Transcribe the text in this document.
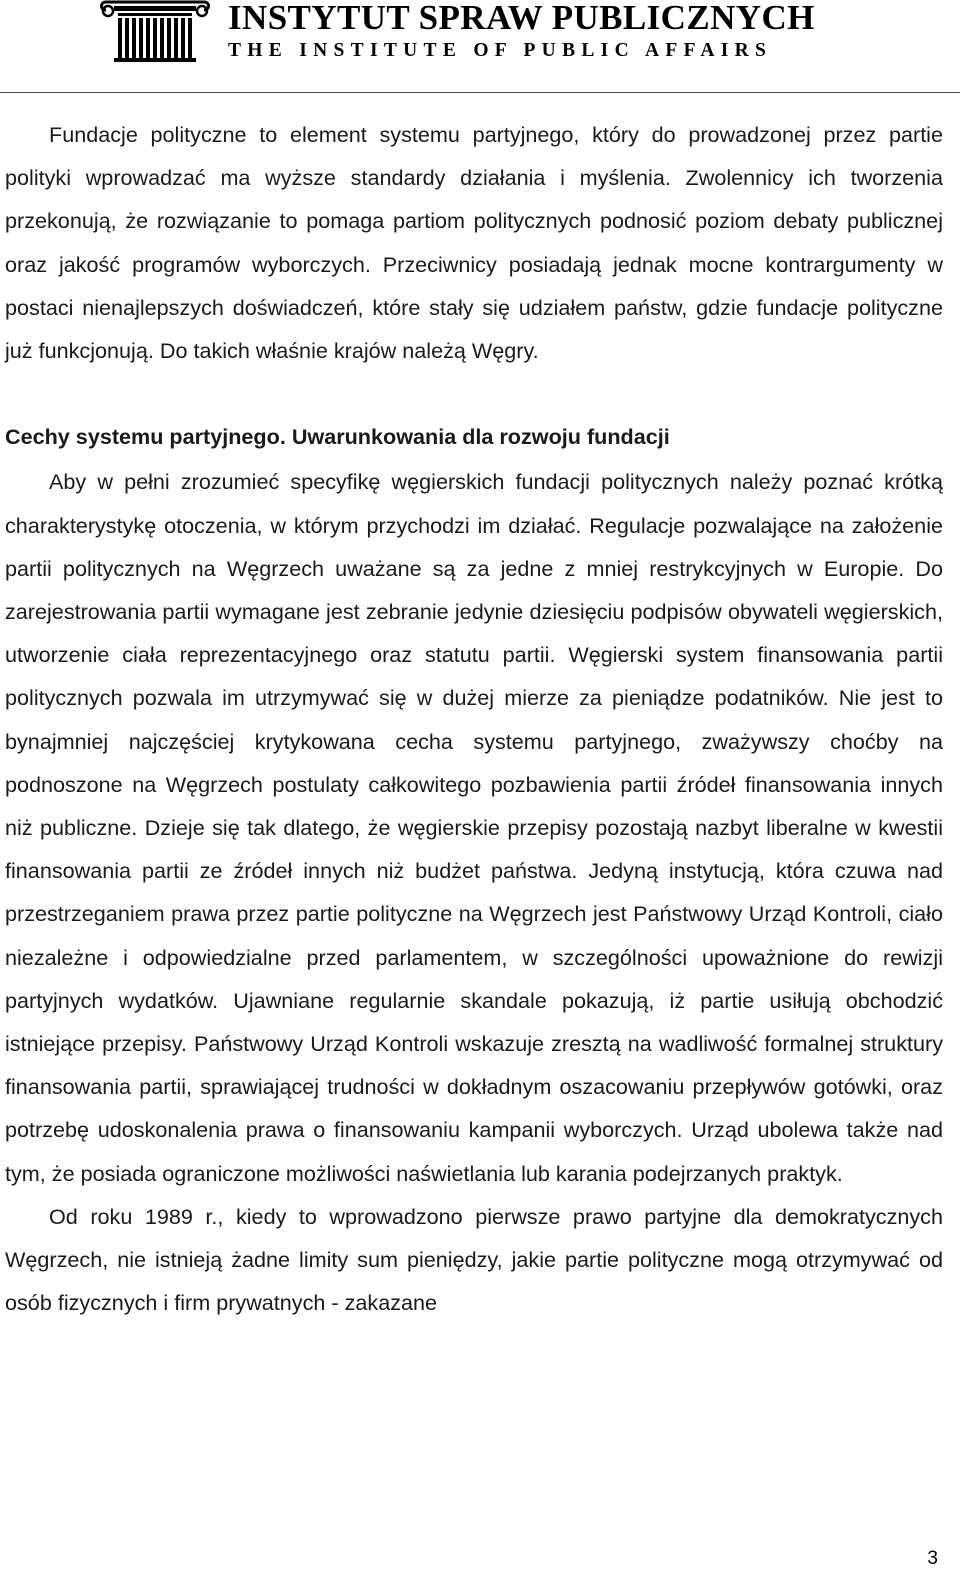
INSTYTUT SPRAW PUBLICZNYCH

THE INSTITUTE OF PUBLIC AFFAIRS

Fundacje polityczne to element systemu partyjnego, który do prowadzonej przez partie polityki wprowadzać ma wyższe standardy działania i myślenia. Zwolennicy ich tworzenia przekonują, że rozwiązanie to pomaga partiom politycznych podnosić poziom debaty publicznej oraz jakość programów wyborczych. Przeciwnicy posiadają jednak mocne kontrargumenty w postaci nienajlepszych doświadczeń, które stały się udziałem państw, gdzie fundacje polityczne już funkcjonują. Do takich właśnie krajów należą Węgry.

Cechy systemu partyjnego. Uwarunkowania dla rozwoju fundacji

Aby w pełni zrozumieć specyfikę węgierskich fundacji politycznych należy poznać krótką charakterystykę otoczenia, w którym przychodzi im działać. Regulacje pozwalające na założenie partii politycznych na Węgrzech uważane są za jedne z mniej restrykcyjnych w Europie. Do zarejestrowania partii wymagane jest zebranie jedynie dziesięciu podpisów obywateli węgierskich, utworzenie ciała reprezentacyjnego oraz statutu partii. Węgierski system finansowania partii politycznych pozwala im utrzymywać się w dużej mierze za pieniądze podatników. Nie jest to bynajmniej najczęściej krytykowana cecha systemu partyjnego, zważywszy choćby na podnoszone na Węgrzech postulaty całkowitego pozbawienia partii źródeł finansowania innych niż publiczne. Dzieje się tak dlatego, że węgierskie przepisy pozostają nazbyt liberalne w kwestii finansowania partii ze źródeł innych niż budżet państwa. Jedyną instytucją, która czuwa nad przestrzeganiem prawa przez partie polityczne na Węgrzech jest Państwowy Urząd Kontroli, ciało niezależne i odpowiedzialne przed parlamentem, w szczególności upoważnione do rewizji partyjnych wydatków. Ujawniane regularnie skandale pokazują, iż partie usiłują obchodzić istniejące przepisy. Państwowy Urząd Kontroli wskazuje zresztą na wadliwość formalnej struktury finansowania partii, sprawiającej trudności w dokładnym oszacowaniu przepływów gotówki, oraz potrzebę udoskonalenia prawa o finansowaniu kampanii wyborczych. Urząd ubolewa także nad tym, że posiada ograniczone możliwości naświetlania lub karania podejrzanych praktyk.

Od roku 1989 r., kiedy to wprowadzono pierwsze prawo partyjne dla demokratycznych Węgrzech, nie istnieją żadne limity sum pieniędzy, jakie partie polityczne mogą otrzymywać od osób fizycznych i firm prywatnych - zakazane

3
